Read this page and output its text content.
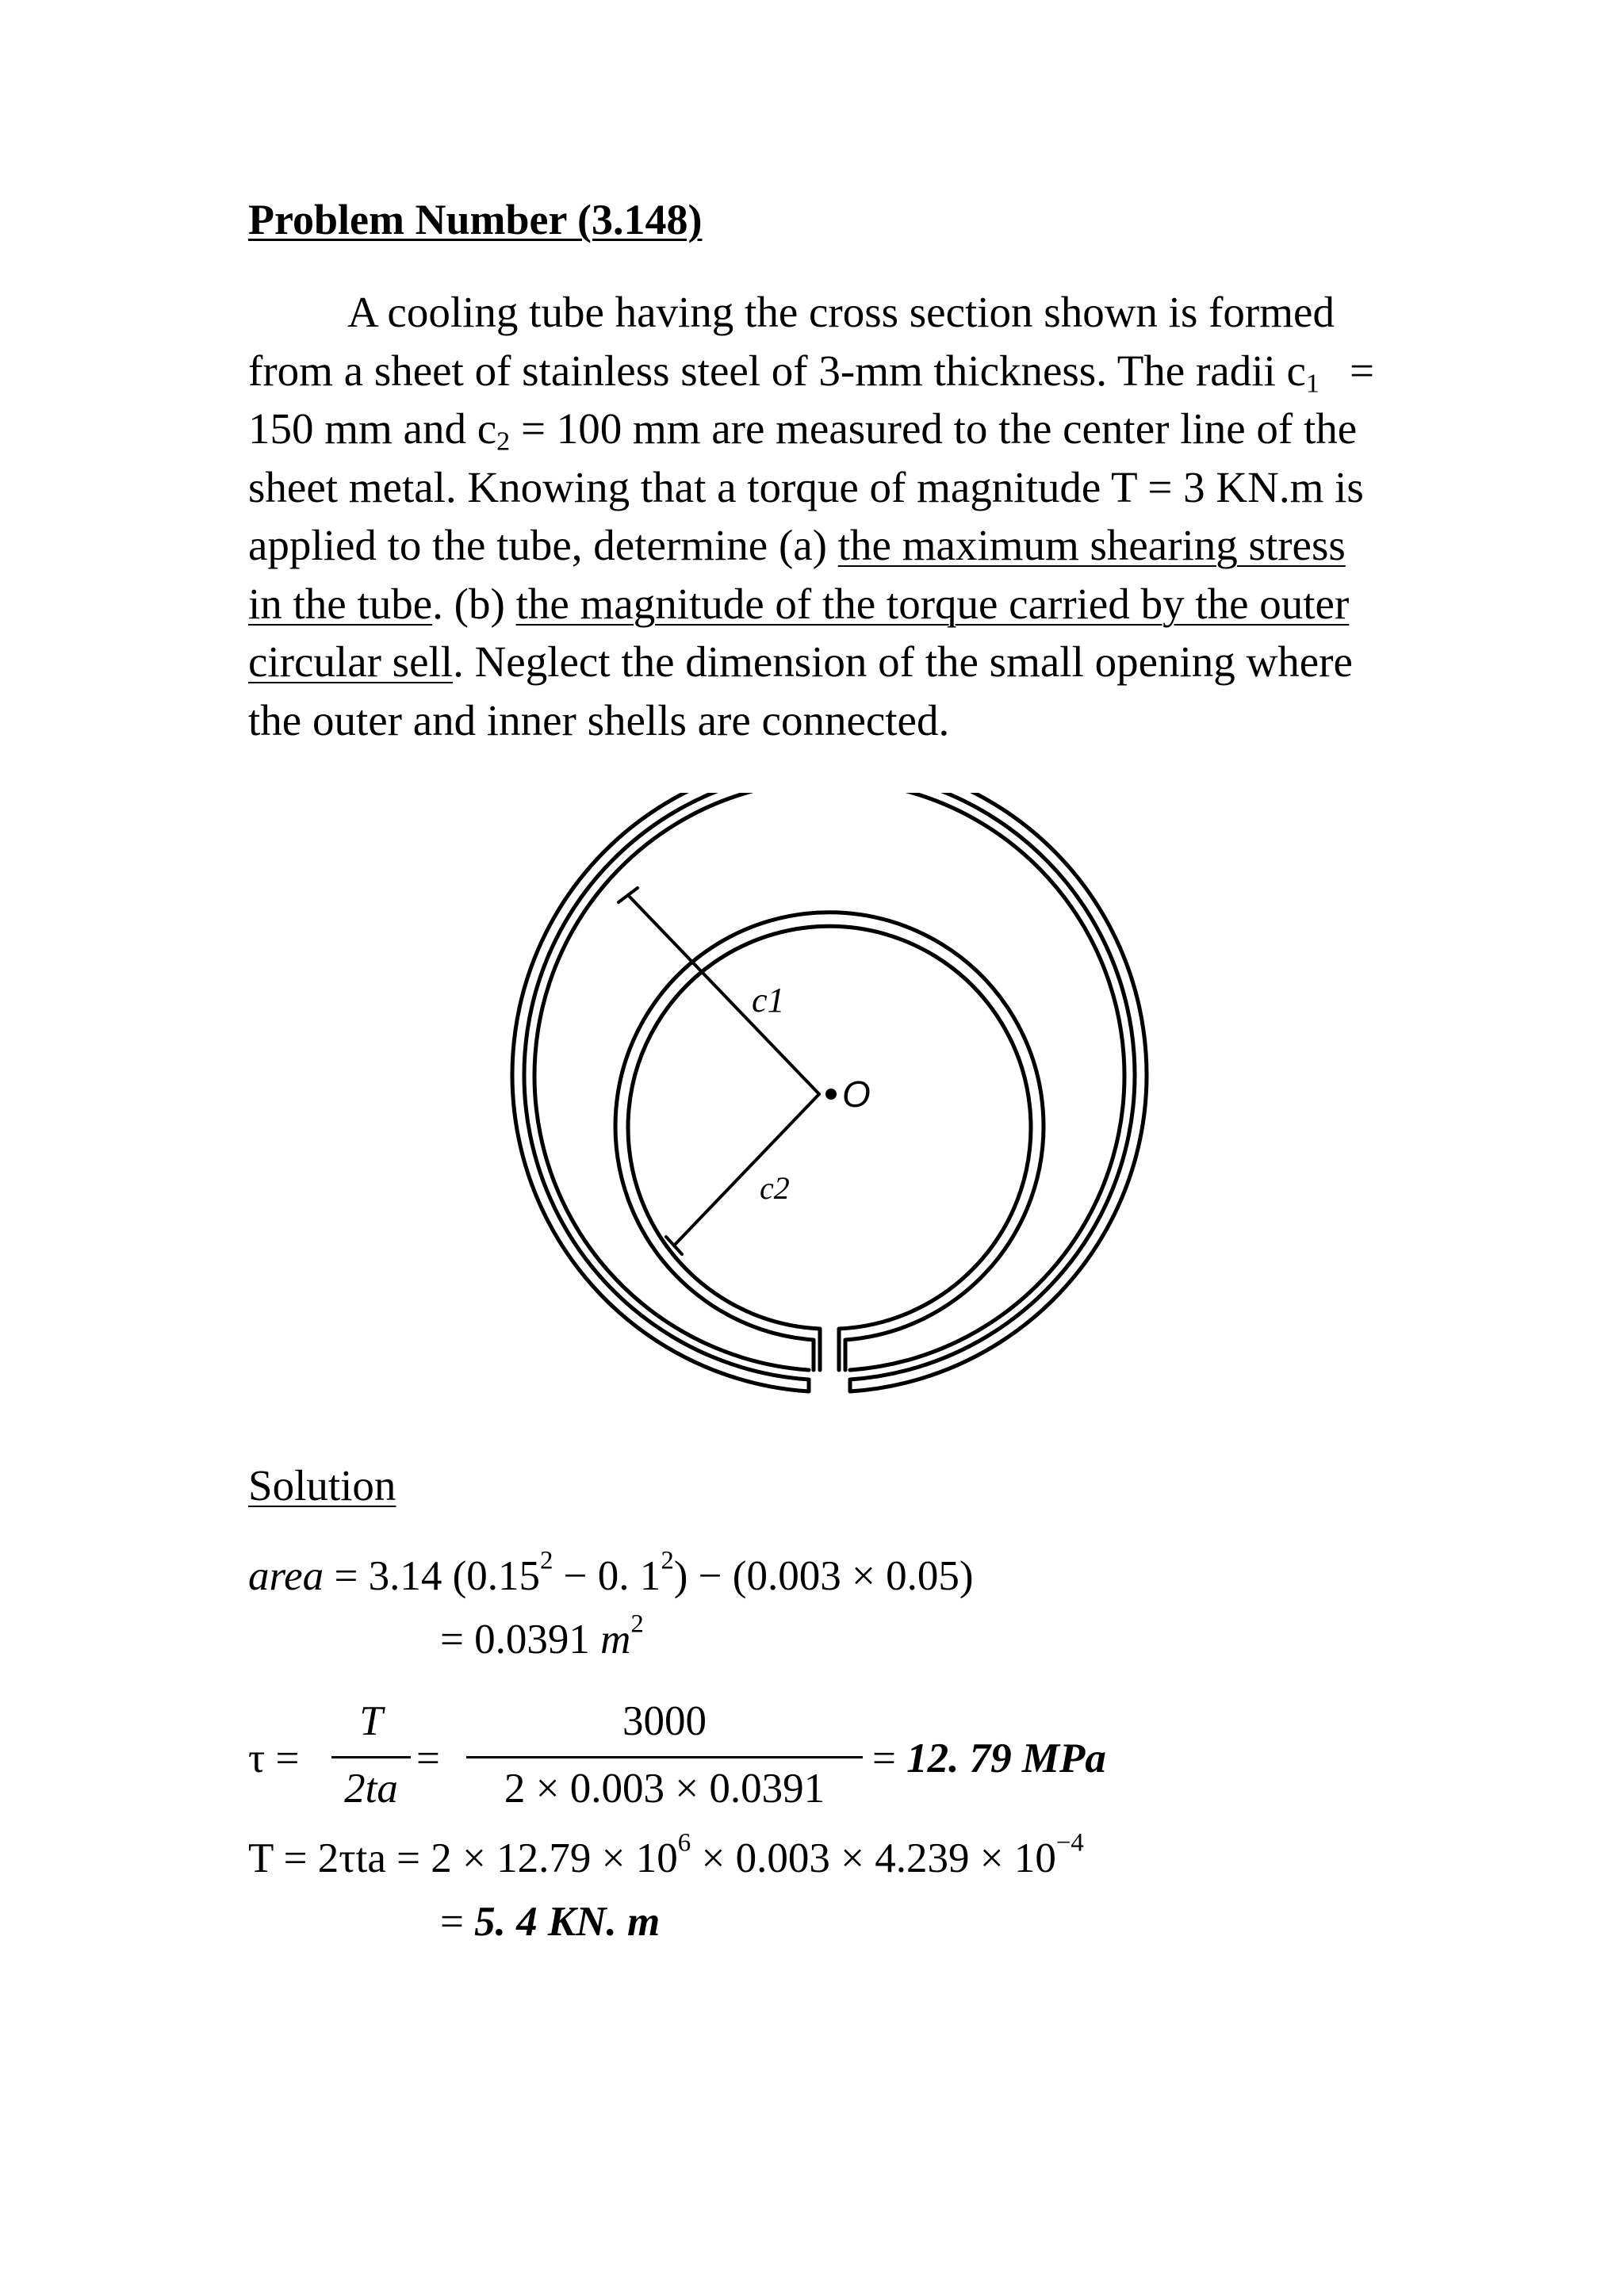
Problem Number (3.148)
A cooling tube having the cross section shown is formed
from a sheet of stainless steel of 3-mm thickness. The radii $c_1$ =
150 mm and $c_2 = 100$ mm are measured to the center line of the
sheet metal. Knowing that a torque of magnitude T = 3 KN.m is
applied to the tube, determine (a) the maximum shearing stress
in the tube. (b) the magnitude of the torque carried by the outer
circular sell. Neglect the dimension of the small opening where
the outer and inner shells are connected.
c1
O
c2
Solution
area = 3.14 ($0.15^2 - 0$. $1^2) - (0.003 \times 0.05)$
= 0.0391 $m^2$
τ =
T
2ta
=
3000
2 × 0.003 × 0.0391
= 12. 79 MPa
$T = 2\tau ta = 2 \times 12.79 \times 10^6 \times 0.003 \times 4.239 \times 10^{-4}$
= 5. 4 KN. m
